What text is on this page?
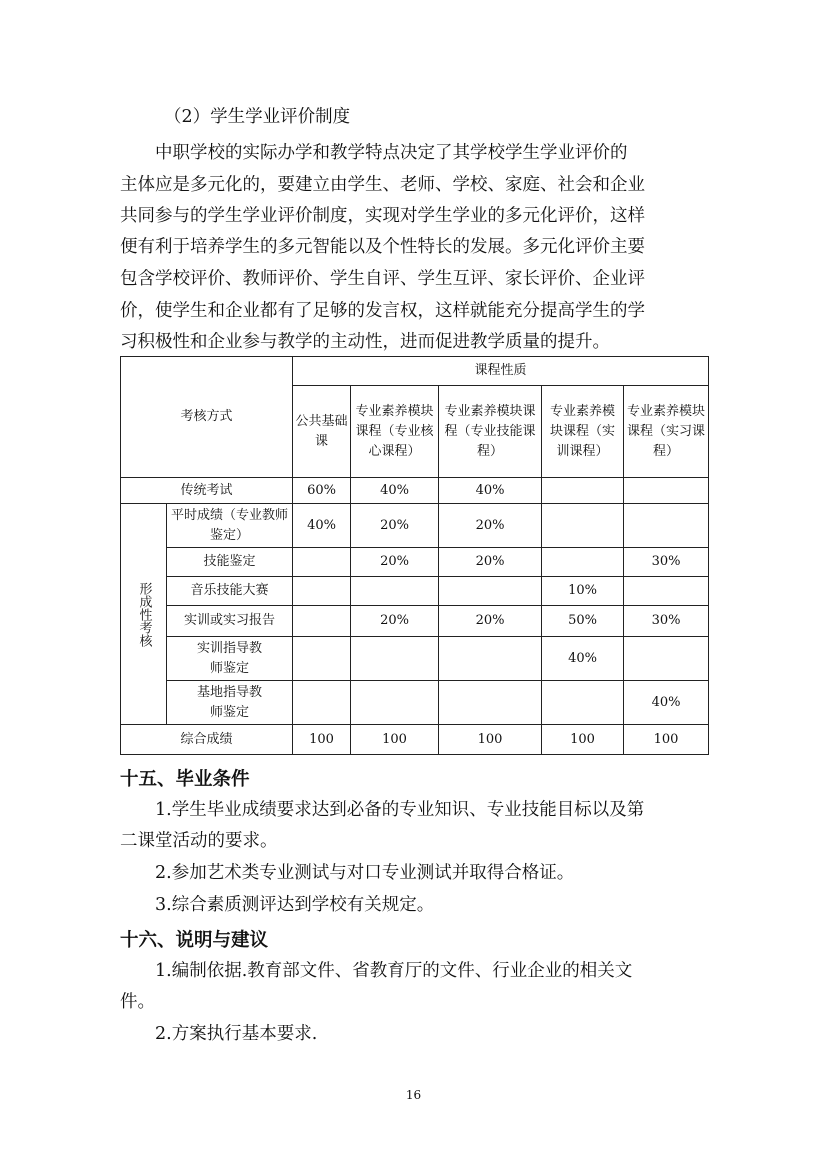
（2）学生学业评价制度
　　中职学校的实际办学和教学特点决定了其学校学生学业评价的
主体应是多元化的，要建立由学生、老师、学校、家庭、社会和企业
共同参与的学生学业评价制度，实现对学生学业的多元化评价，这样
便有利于培养学生的多元智能以及个性特长的发展。多元化评价主要
包含学校评价、教师评价、学生自评、学生互评、家长评价、企业评
价，使学生和企业都有了足够的发言权，这样就能充分提高学生的学
习积极性和企业参与教学的主动性，进而促进教学质量的提升。
考核方式		课程性质				
		公共基础课	专业素养模块课程（专业核心课程）	专业素养模块课程（专业技能课程）	专业素养模块课程（实训课程）	专业素养模块课程（实习课程）
传统考试		60%	40%	40%		
形成性考核	平时成绩（专业教师鉴定）	40%	20%	20%		
	技能鉴定		20%	20%		30%
	音乐技能大赛				10%	
	实训或实习报告		20%	20%	50%	30%
	实训指导教师鉴定				40%	
	基地指导教师鉴定					40%
综合成绩		100	100	100	100	100
十五、毕业条件
　　1.学生毕业成绩要求达到必备的专业知识、专业技能目标以及第
二课堂活动的要求。
　　2.参加艺术类专业测试与对口专业测试并取得合格证。
　　3.综合素质测评达到学校有关规定。
十六、说明与建议
　　1.编制依据.教育部文件、省教育厅的文件、行业企业的相关文
件。
　　2.方案执行基本要求.
16
